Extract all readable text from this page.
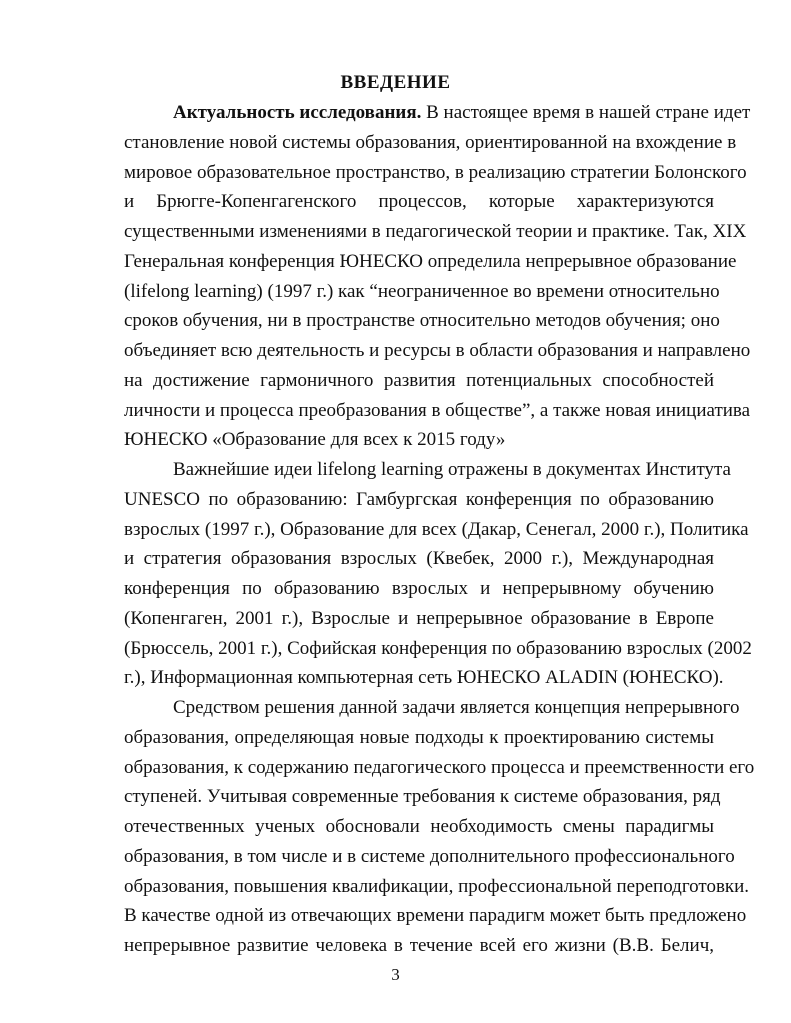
ВВЕДЕНИЕ

Актуальность исследования. В настоящее время в нашей стране идет
становление новой системы образования, ориентированной на вхождение в
мировое образовательное пространство, в реализацию стратегии Болонского
и Брюгге-Копенгагенского процессов, которые характеризуются
существенными изменениями в педагогической теории и практике. Так, XIX
Генеральная конференция ЮНЕСКО определила непрерывное образование
(lifelong learning) (1997 г.) как “неограниченное во времени относительно
сроков обучения, ни в пространстве относительно методов обучения; оно
объединяет всю деятельность и ресурсы в области образования и направлено
на достижение гармоничного развития потенциальных способностей
личности и процесса преобразования в обществе”, а также новая инициатива
ЮНЕСКО «Образование для всех к 2015 году»

Важнейшие идеи lifelong learning отражены в документах Института
UNESCO по образованию: Гамбургская конференция по образованию
взрослых (1997 г.), Образование для всех (Дакар, Сенегал, 2000 г.), Политика
и стратегия образования взрослых (Квебек, 2000 г.), Международная
конференция по образованию взрослых и непрерывному обучению
(Копенгаген, 2001 г.), Взрослые и непрерывное образование в Европе
(Брюссель, 2001 г.), Софийская конференция по образованию взрослых (2002
г.), Информационная компьютерная сеть ЮНЕСКО ALADIN (ЮНЕСКО).

Средством решения данной задачи является концепция непрерывного
образования, определяющая новые подходы к проектированию системы
образования, к содержанию педагогического процесса и преемственности его
ступеней. Учитывая современные требования к системе образования, ряд
отечественных ученых обосновали необходимость смены парадигмы
образования, в том числе и в системе дополнительного профессионального
образования, повышения квалификации, профессиональной переподготовки.
В качестве одной из отвечающих времени парадигм может быть предложено
непрерывное развитие человека в течение всей его жизни (В.В. Белич,

3
